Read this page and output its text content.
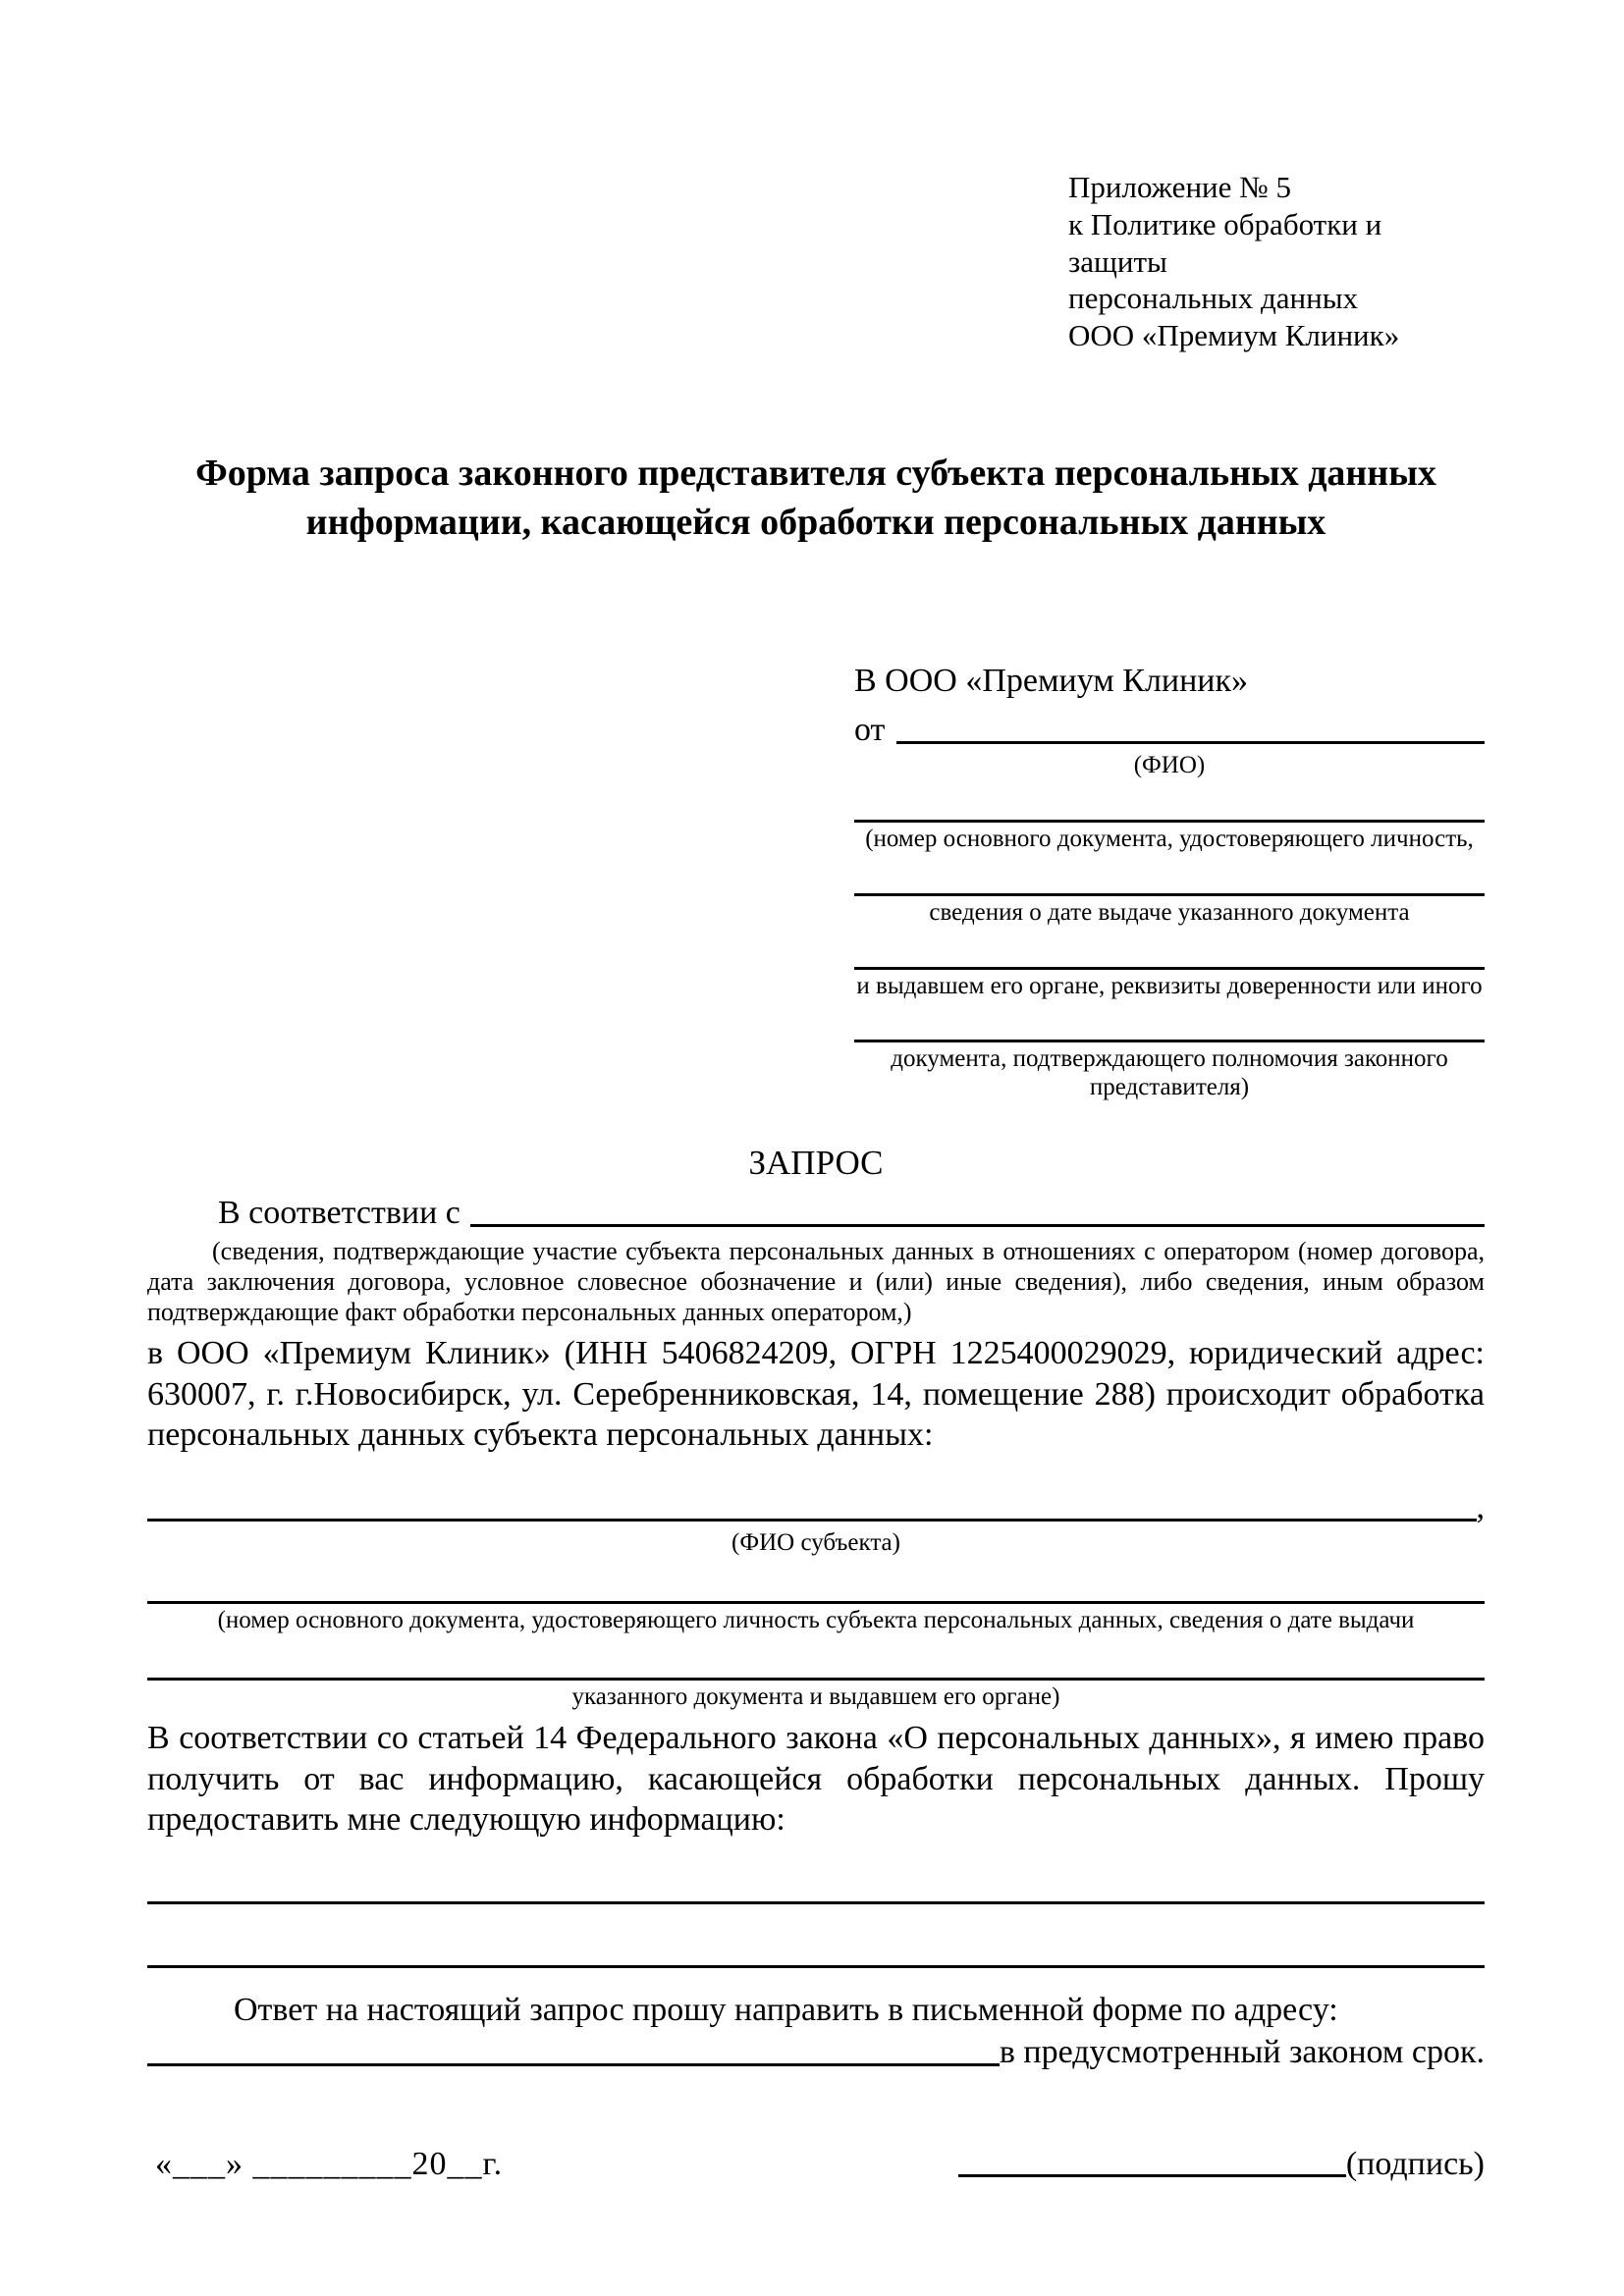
Приложение № 5
к Политике обработки и защиты
персональных данных
ООО «Премиум Клиник»
Форма запроса законного представителя субъекта персональных данных
информации, касающейся обработки персональных данных
В ООО «Премиум Клиник»
от
(ФИО)
(номер основного документа, удостоверяющего личность,
сведения о дате выдаче указанного документа
и выдавшем его органе, реквизиты доверенности или иного
документа, подтверждающего полномочия законного представителя)
ЗАПРОС
В соответствии с
(сведения, подтверждающие участие субъекта персональных данных в отношениях с оператором (номер договора, дата заключения договора, условное словесное обозначение и (или) иные сведения), либо сведения, иным образом подтверждающие факт обработки персональных данных оператором,)
в ООО «Премиум Клиник» (ИНН 5406824209, ОГРН 1225400029029, юридический адрес: 630007, г. г.Новосибирск, ул. Серебренниковская, 14, помещение 288) происходит обработка персональных данных субъекта персональных данных:
,
(ФИО субъекта)
(номер основного документа, удостоверяющего личность субъекта персональных данных, сведения о дате выдачи
указанного документа и выдавшем его органе)
В соответствии со статьей 14 Федерального закона «О персональных данных», я имею право получить от вас информацию, касающейся обработки персональных данных. Прошу предоставить мне следующую информацию:
Ответ на настоящий запрос прошу направить в письменной форме по адресу:
в предусмотренный законом срок.
«___» _________20__г.	(подпись)
